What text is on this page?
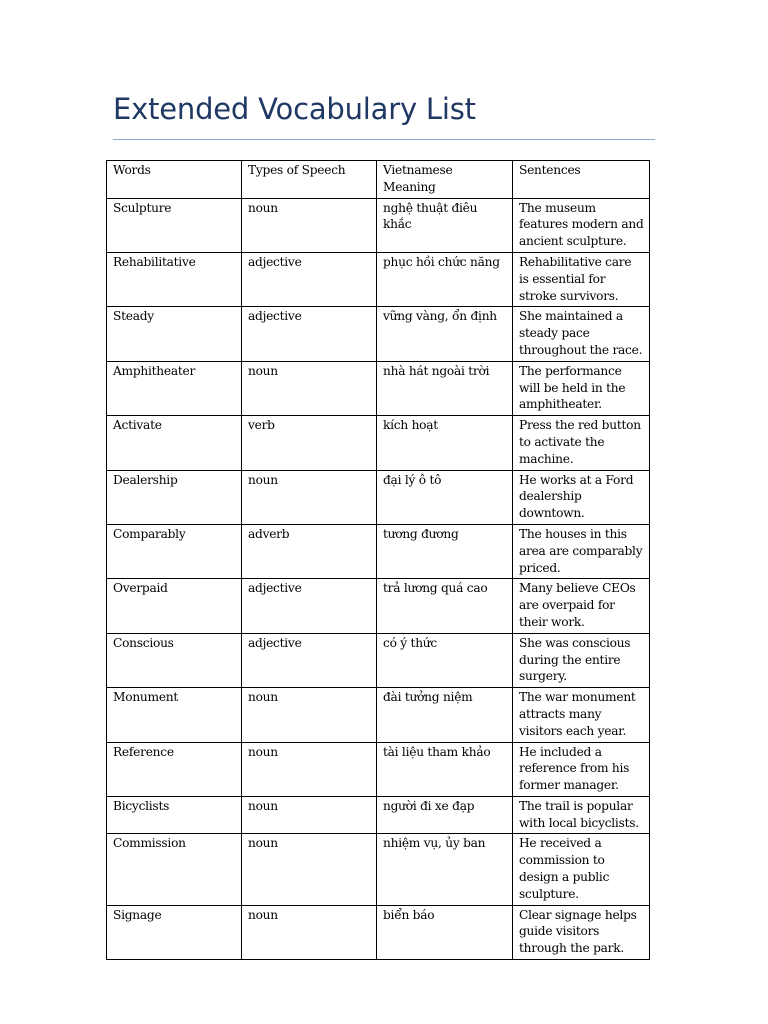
Extended Vocabulary List
Words	Types of Speech	Vietnamese Meaning	Sentences
Sculpture	noun	nghệ thuật điêu khắc	The museum features modern and ancient sculpture.
Rehabilitative	adjective	phục hồi chức năng	Rehabilitative care is essential for stroke survivors.
Steady	adjective	vững vàng, ổn định	She maintained a steady pace throughout the race.
Amphitheater	noun	nhà hát ngoài trời	The performance will be held in the amphitheater.
Activate	verb	kích hoạt	Press the red button to activate the machine.
Dealership	noun	đại lý ô tô	He works at a Ford dealership downtown.
Comparably	adverb	tương đương	The houses in this area are comparably priced.
Overpaid	adjective	trả lương quá cao	Many believe CEOs are overpaid for their work.
Conscious	adjective	có ý thức	She was conscious during the entire surgery.
Monument	noun	đài tưởng niệm	The war monument attracts many visitors each year.
Reference	noun	tài liệu tham khảo	He included a reference from his former manager.
Bicyclists	noun	người đi xe đạp	The trail is popular with local bicyclists.
Commission	noun	nhiệm vụ, ủy ban	He received a commission to design a public sculpture.
Signage	noun	biển báo	Clear signage helps guide visitors through the park.
